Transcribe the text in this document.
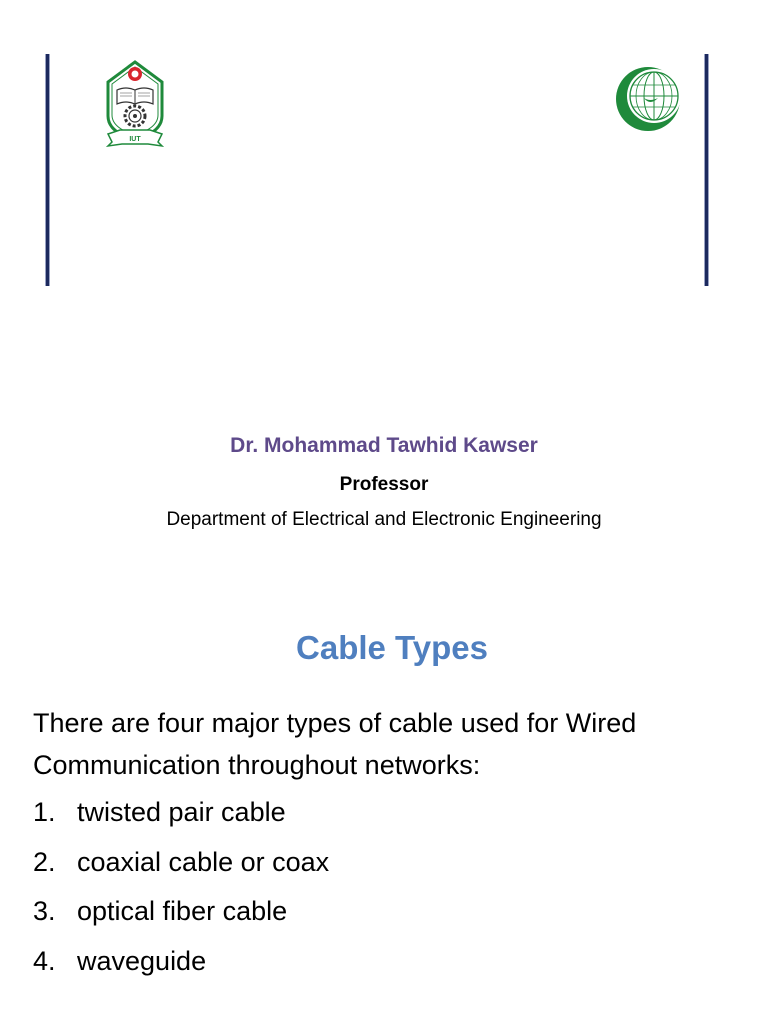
IUT
Dr. Mohammad Tawhid Kawser
Professor
Department of Electrical and Electronic Engineering
Cable Types
There are four major types of cable used for Wired Communication throughout networks:
1. twisted pair cable
2. coaxial cable or coax
3. optical fiber cable
4. waveguide
